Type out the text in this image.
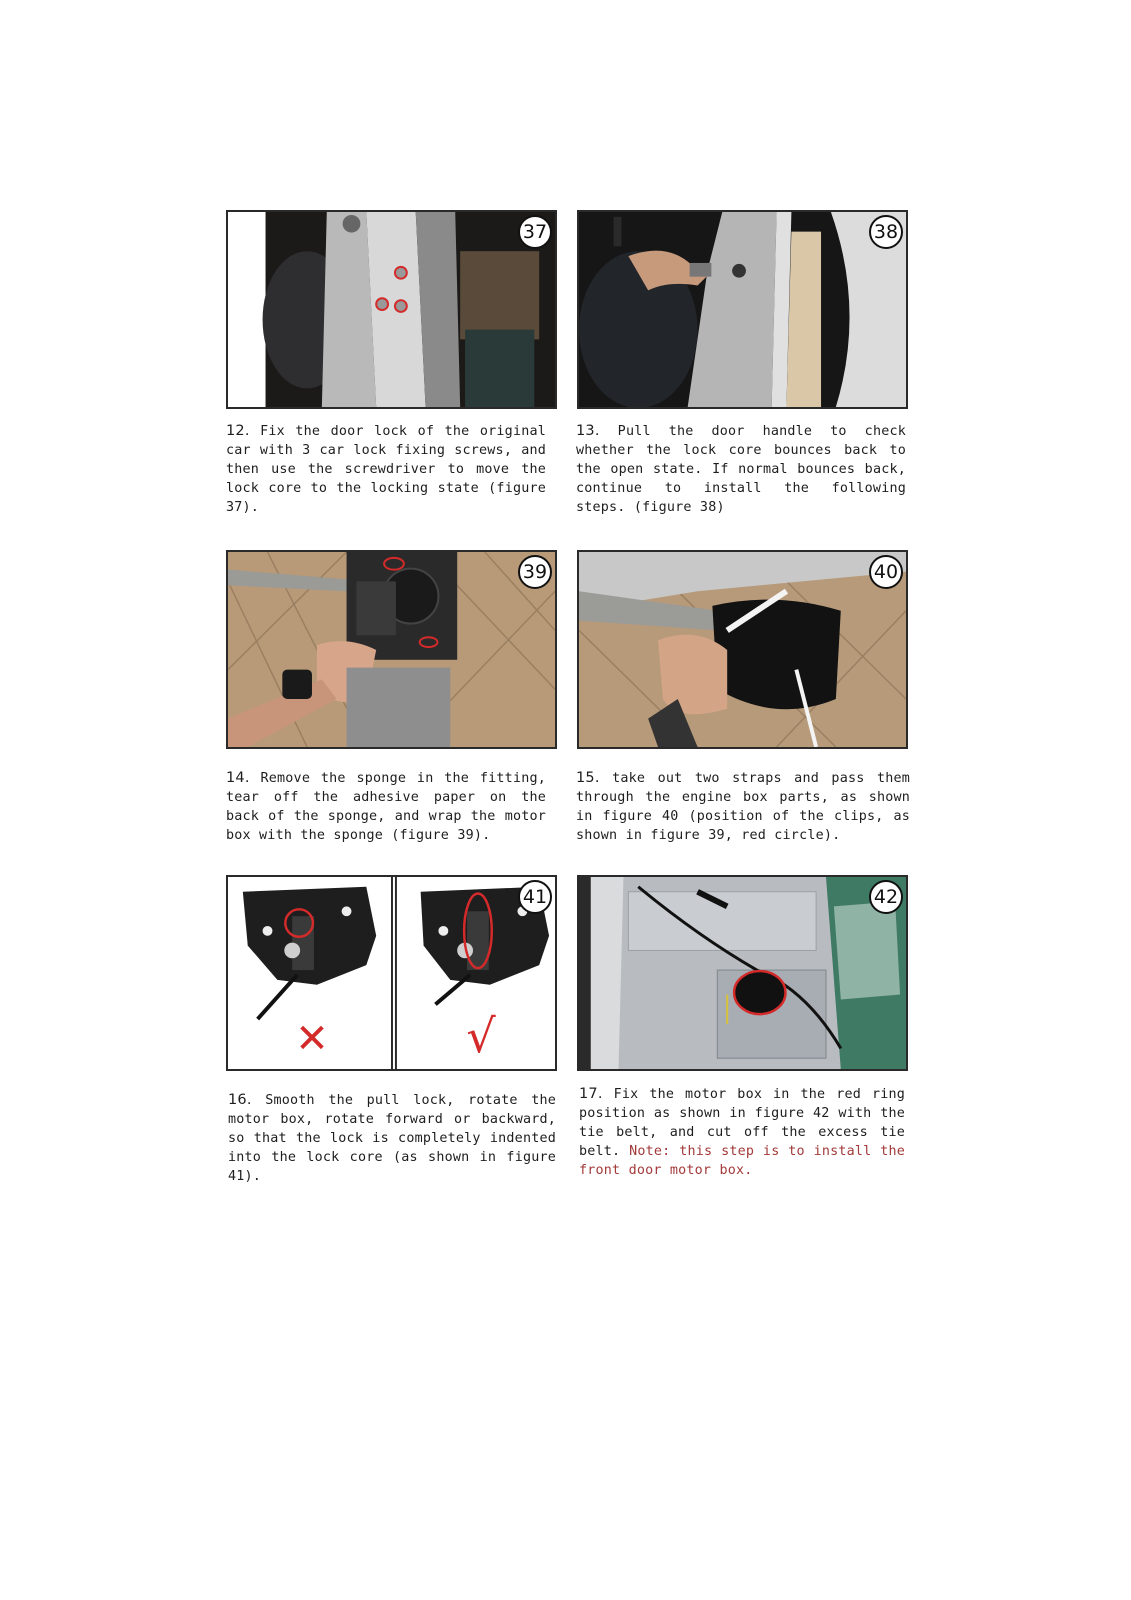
37	38
12. Fix the door lock of the original car with 3 car lock fixing screws, and then use the screwdriver to move the lock core to the locking state (figure 37).
13. Pull the door handle to check whether the lock core bounces back to the open state. If normal bounces back, continue to install the following steps. (figure 38)
39	40
14. Remove the sponge in the fitting, tear off the adhesive paper on the back of the sponge, and wrap the motor box with the sponge (figure 39).
15. take out two straps and pass them through the engine box parts, as shown in figure 40 (position of the clips, as shown in figure 39, red circle).
41
✕	√
42
16. Smooth the pull lock, rotate the motor box, rotate forward or backward, so that the lock is completely indented into the lock core (as shown in figure 41).
17. Fix the motor box in the red ring position as shown in figure 42 with the tie belt, and cut off the excess tie belt. Note: this step is to install the front door motor box.
